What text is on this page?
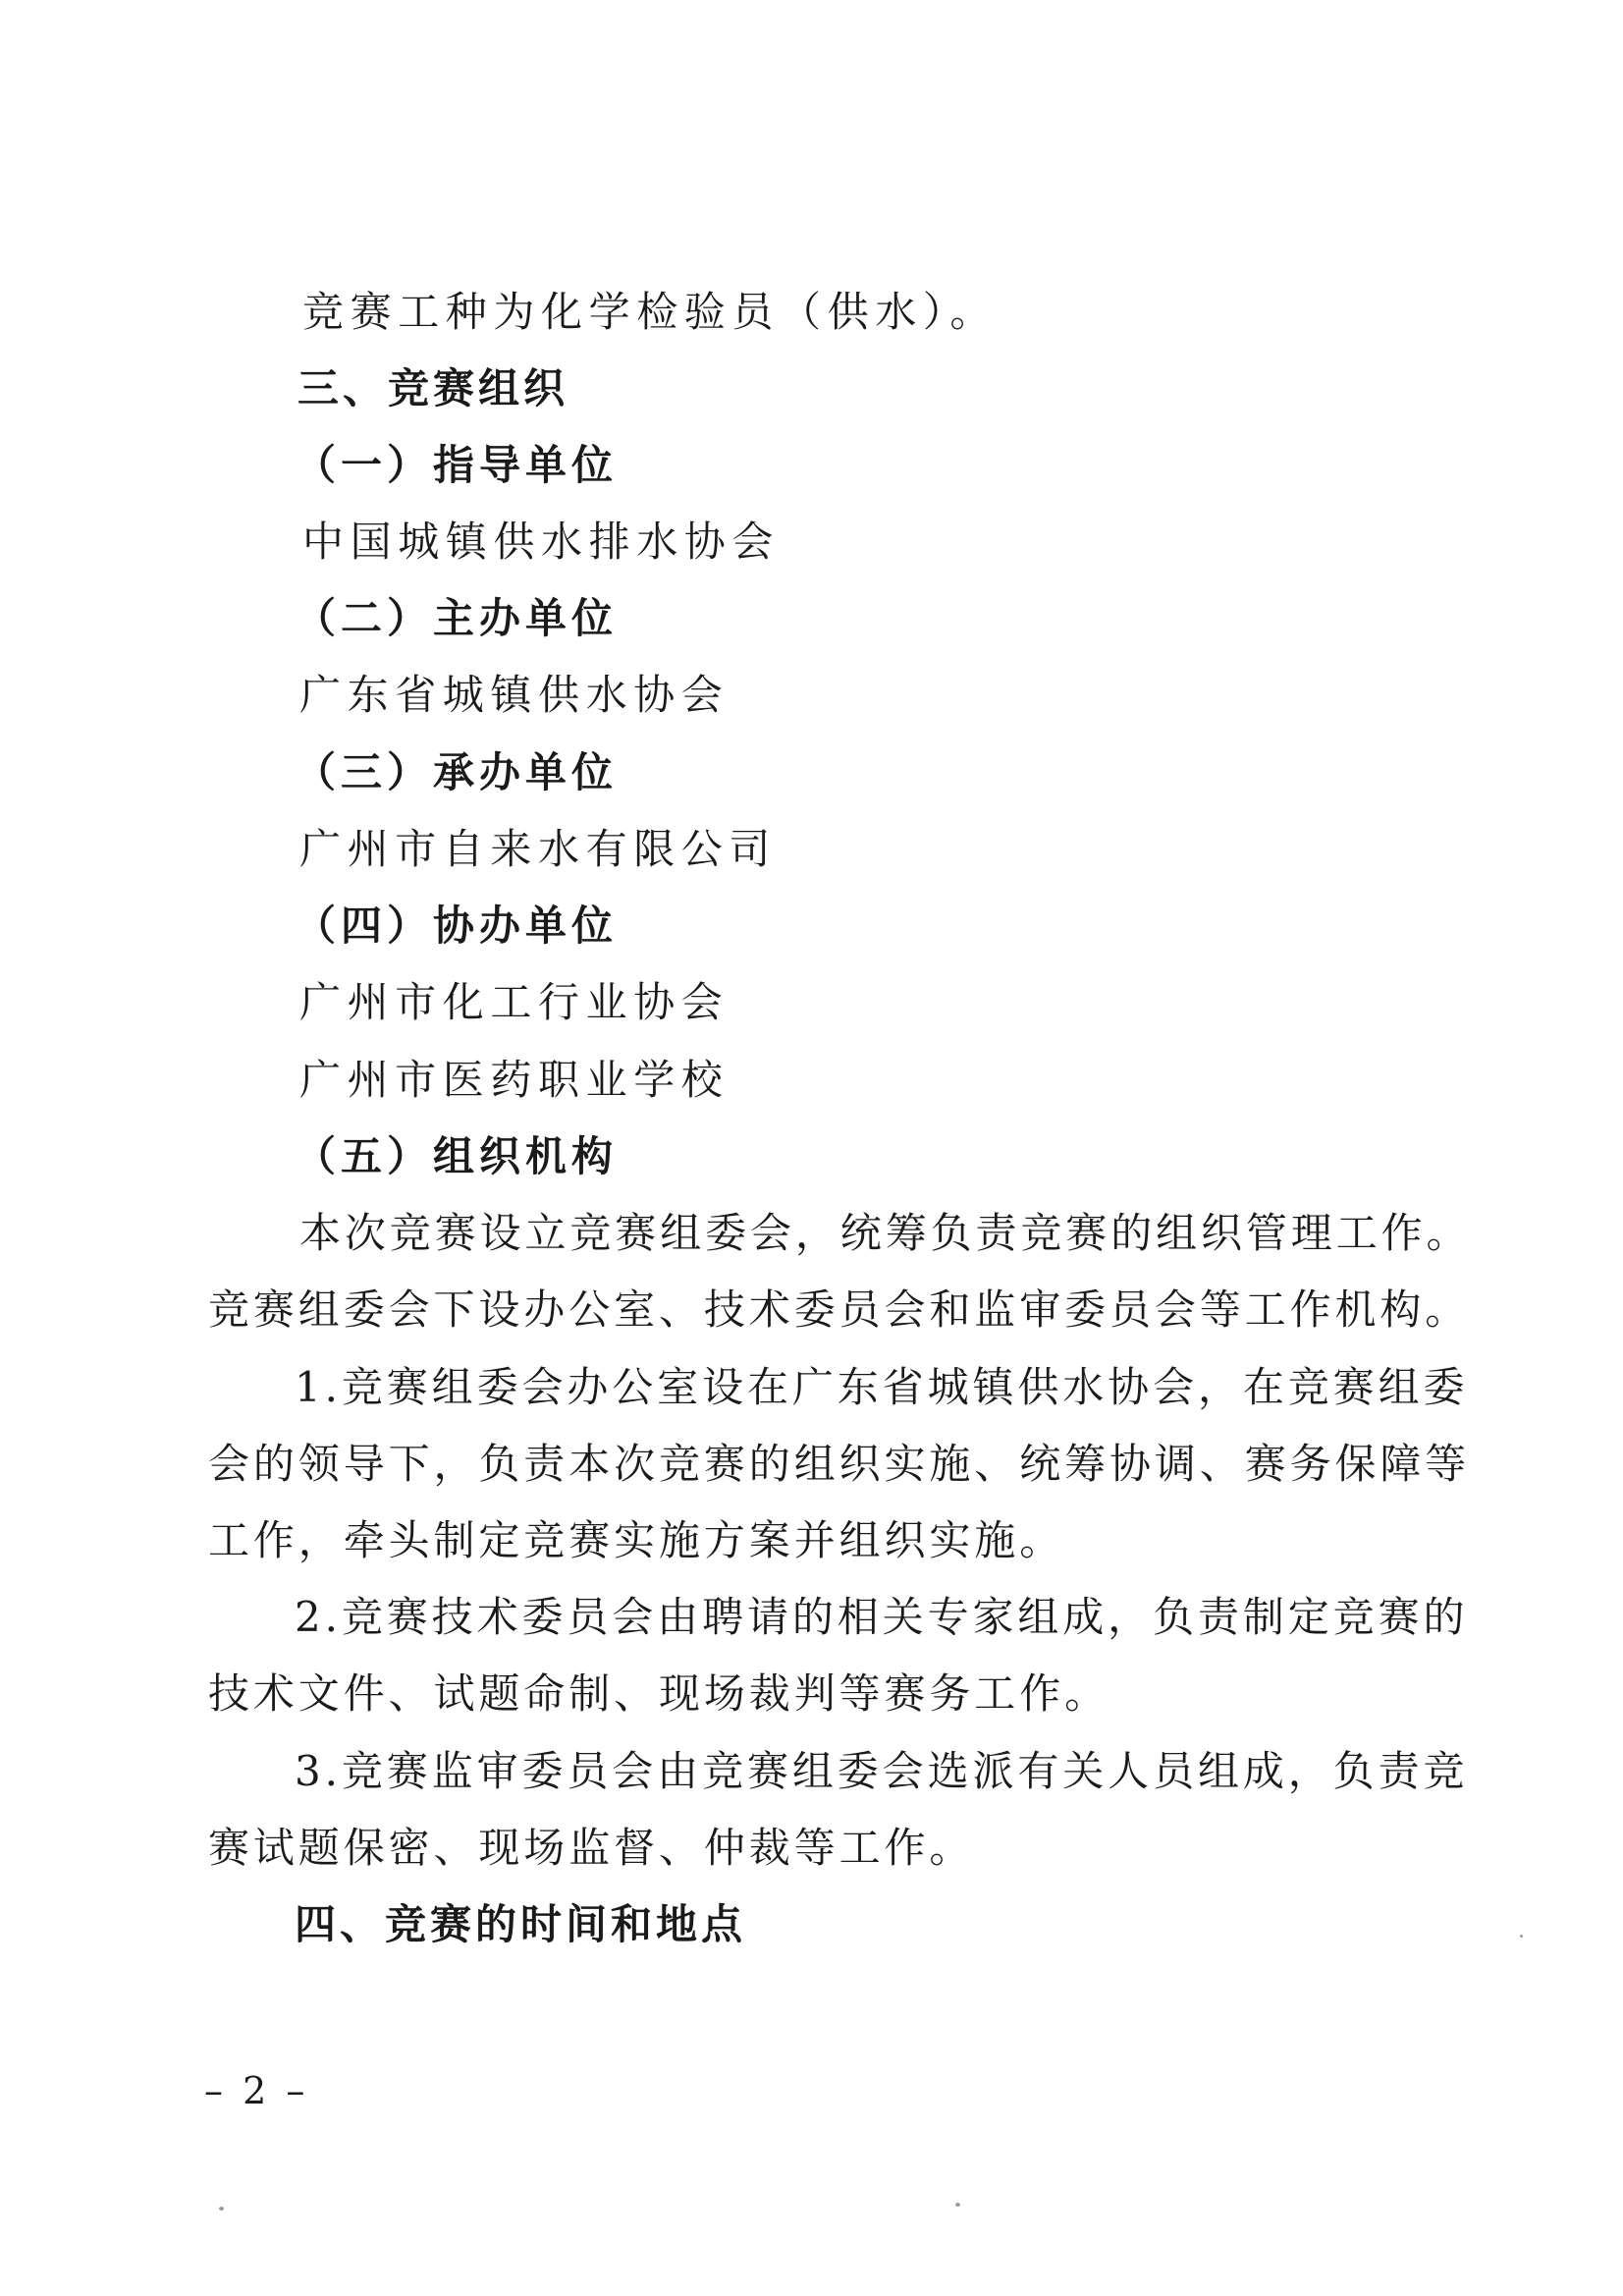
竞赛工种为化学检验员（供水）。
三、竞赛组织
（一）指导单位
中国城镇供水排水协会
（二）主办单位
广东省城镇供水协会
（三）承办单位
广州市自来水有限公司
（四）协办单位
广州市化工行业协会
广州市医药职业学校
（五）组织机构
本次竞赛设立竞赛组委会，统筹负责竞赛的组织管理工作。
竞赛组委会下设办公室、技术委员会和监审委员会等工作机构。
1.竞赛组委会办公室设在广东省城镇供水协会，在竞赛组委
会的领导下，负责本次竞赛的组织实施、统筹协调、赛务保障等
工作，牵头制定竞赛实施方案并组织实施。
2.竞赛技术委员会由聘请的相关专家组成，负责制定竞赛的
技术文件、试题命制、现场裁判等赛务工作。
3.竞赛监审委员会由竞赛组委会选派有关人员组成，负责竞
赛试题保密、现场监督、仲裁等工作。
四、竞赛的时间和地点
– 2 –
